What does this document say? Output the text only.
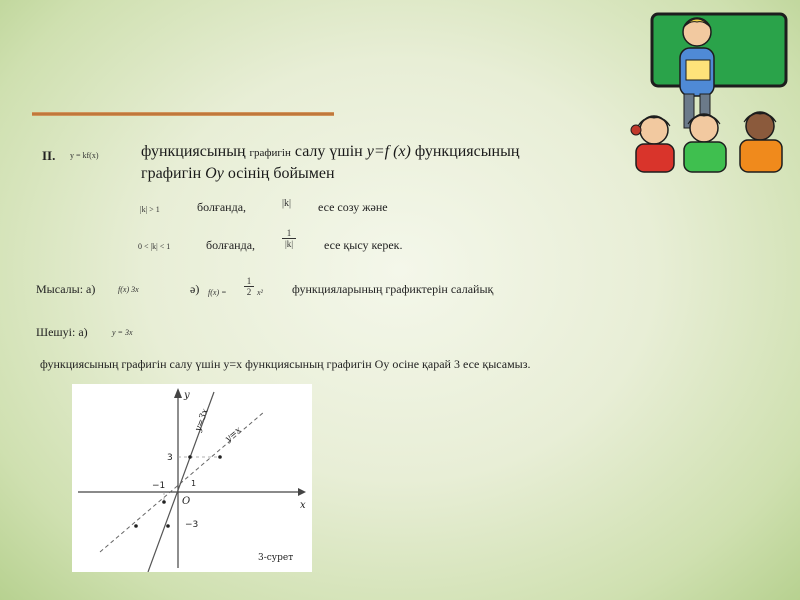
II. y = kf(x)	функциясының графигін салу үшін y=f (x) функциясының
графигін Oy осінің бойымен
|k| > 1	болғанда,	|k| есе созу және
0 < |k| < 1	болғанда,	$\frac{1}{|k|}$ есе қысу керек.
Мысалы: а)	f(x) 3x	ә) $f(x) = \frac{1}{2} x^2$ функцияларының графиктерін салайық
Шешуі: а)	y = 3x
функциясының графигін салу үшін у=х функциясының графигін Оу осіне қарай 3 есе қысамыз.
y
x
O
3
−1	1
−3
y=3x
y=x
3-сурет
